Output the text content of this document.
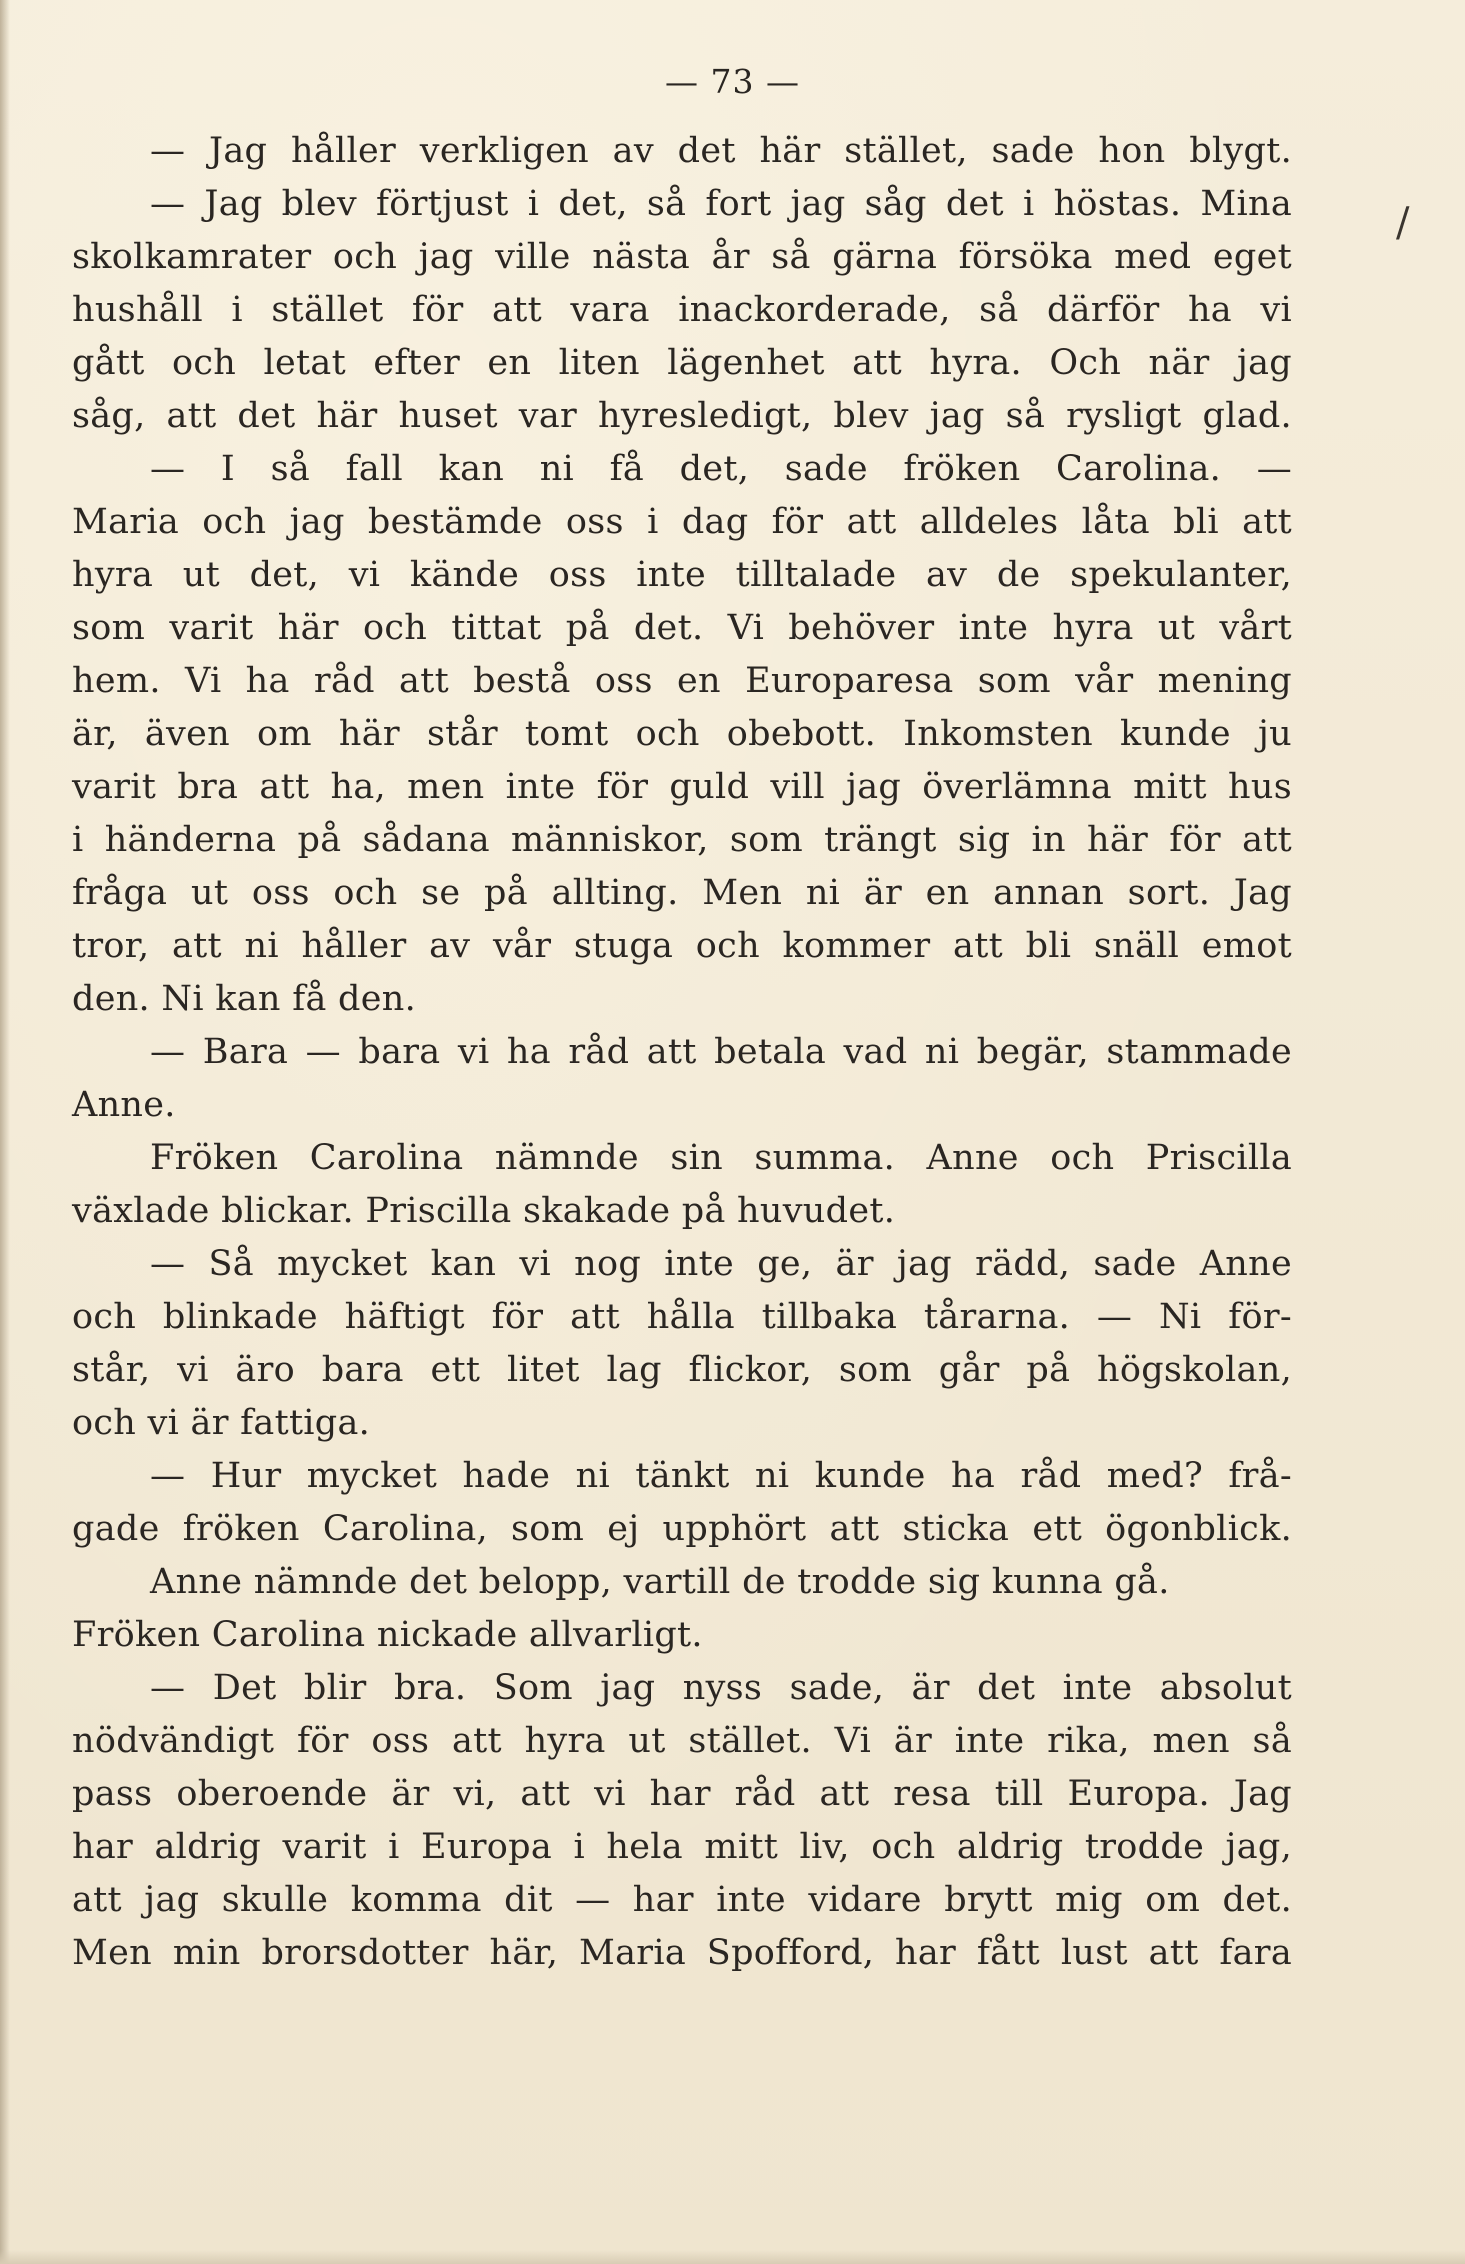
— 73 —
/
— Jag håller verkligen av det här stället, sade hon blygt.
— Jag blev förtjust i det, så fort jag såg det i höstas. Mina
skolkamrater och jag ville nästa år så gärna försöka med eget
hushåll i stället för att vara inackorderade, så därför ha vi
gått och letat efter en liten lägenhet att hyra. Och när jag
såg, att det här huset var hyresledigt, blev jag så rysligt glad.
— I så fall kan ni få det, sade fröken Carolina. —
Maria och jag bestämde oss i dag för att alldeles låta bli att
hyra ut det, vi kände oss inte tilltalade av de spekulanter,
som varit här och tittat på det. Vi behöver inte hyra ut vårt
hem. Vi ha råd att bestå oss en Europaresa som vår mening
är, även om här står tomt och obebott. Inkomsten kunde ju
varit bra att ha, men inte för guld vill jag överlämna mitt hus
i händerna på sådana människor, som trängt sig in här för att
fråga ut oss och se på allting. Men ni är en annan sort. Jag
tror, att ni håller av vår stuga och kommer att bli snäll emot
den. Ni kan få den.
— Bara — bara vi ha råd att betala vad ni begär, stammade
Anne.
Fröken Carolina nämnde sin summa. Anne och Priscilla
växlade blickar. Priscilla skakade på huvudet.
— Så mycket kan vi nog inte ge, är jag rädd, sade Anne
och blinkade häftigt för att hålla tillbaka tårarna. — Ni för-
står, vi äro bara ett litet lag flickor, som går på högskolan,
och vi är fattiga.
— Hur mycket hade ni tänkt ni kunde ha råd med? frå-
gade fröken Carolina, som ej upphört att sticka ett ögonblick.
Anne nämnde det belopp, vartill de trodde sig kunna gå.
Fröken Carolina nickade allvarligt.
— Det blir bra. Som jag nyss sade, är det inte absolut
nödvändigt för oss att hyra ut stället. Vi är inte rika, men så
pass oberoende är vi, att vi har råd att resa till Europa. Jag
har aldrig varit i Europa i hela mitt liv, och aldrig trodde jag,
att jag skulle komma dit — har inte vidare brytt mig om det.
Men min brorsdotter här, Maria Spofford, har fått lust att fara
